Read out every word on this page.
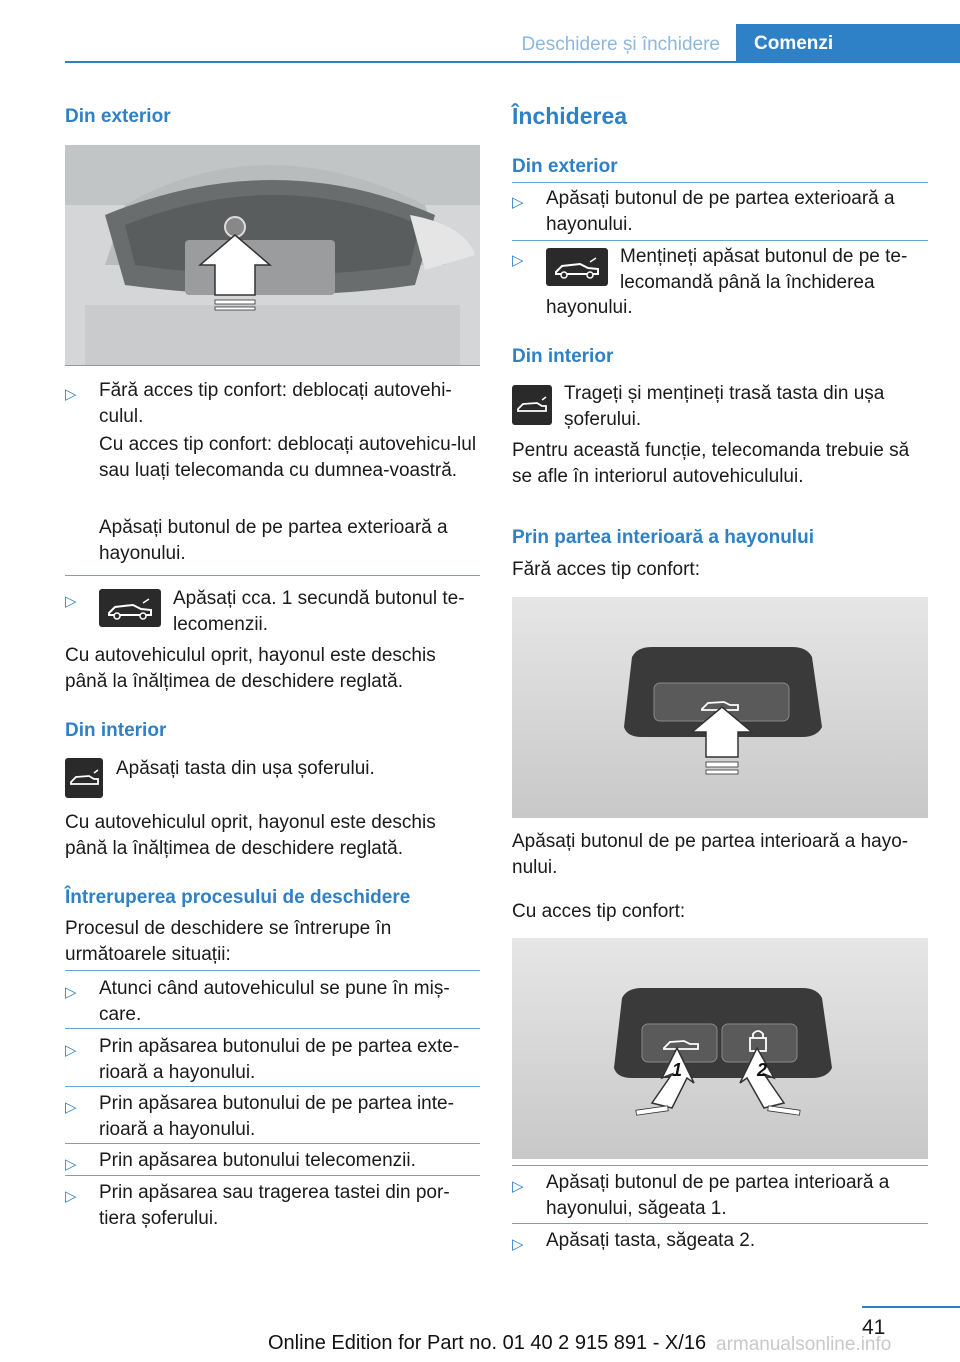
Deschidere și închidere	Comenzi
Din exterior
▷ Fără acces tip confort: deblocați autovehi-culul.
Cu acces tip confort: deblocați autovehicu-lul sau luați telecomanda cu dumnea-voastră.
Apăsați butonul de pe partea exterioară a hayonului.
▷	Apăsați cca. 1 secundă butonul te-lecomenzii.
Cu autovehiculul oprit, hayonul este deschis până la înălțimea de deschidere reglată.
Din interior
Apăsați tasta din ușa șoferului.
Cu autovehiculul oprit, hayonul este deschis până la înălțimea de deschidere reglată.
Întreruperea procesului de deschidere
Procesul de deschidere se întrerupe în următoarele situații:
▷ Atunci când autovehiculul se pune în miș-care.
▷ Prin apăsarea butonului de pe partea exte-rioară a hayonului.
▷ Prin apăsarea butonului de pe partea inte-rioară a hayonului.
▷ Prin apăsarea butonului telecomenzii.
▷ Prin apăsarea sau tragerea tastei din por-tiera șoferului.
Închiderea
Din exterior
▷ Apăsați butonul de pe partea exterioară a hayonului.
▷	Mențineți apăsat butonul de pe te-lecomandă până la închiderea
hayonului.
Din interior
Trageți și mențineți trasă tasta din ușa șoferului.
Pentru această funcție, telecomanda trebuie să se afle în interiorul autovehiculului.
Prin partea interioară a hayonului
Fără acces tip confort:
Apăsați butonul de pe partea interioară a hayo-nului.
Cu acces tip confort:
1	2
▷ Apăsați butonul de pe partea interioară a hayonului, săgeata 1.
▷ Apăsați tasta, săgeata 2.
41
Online Edition for Part no. 01 40 2 915 891 - X/16 armanualsonline.info
